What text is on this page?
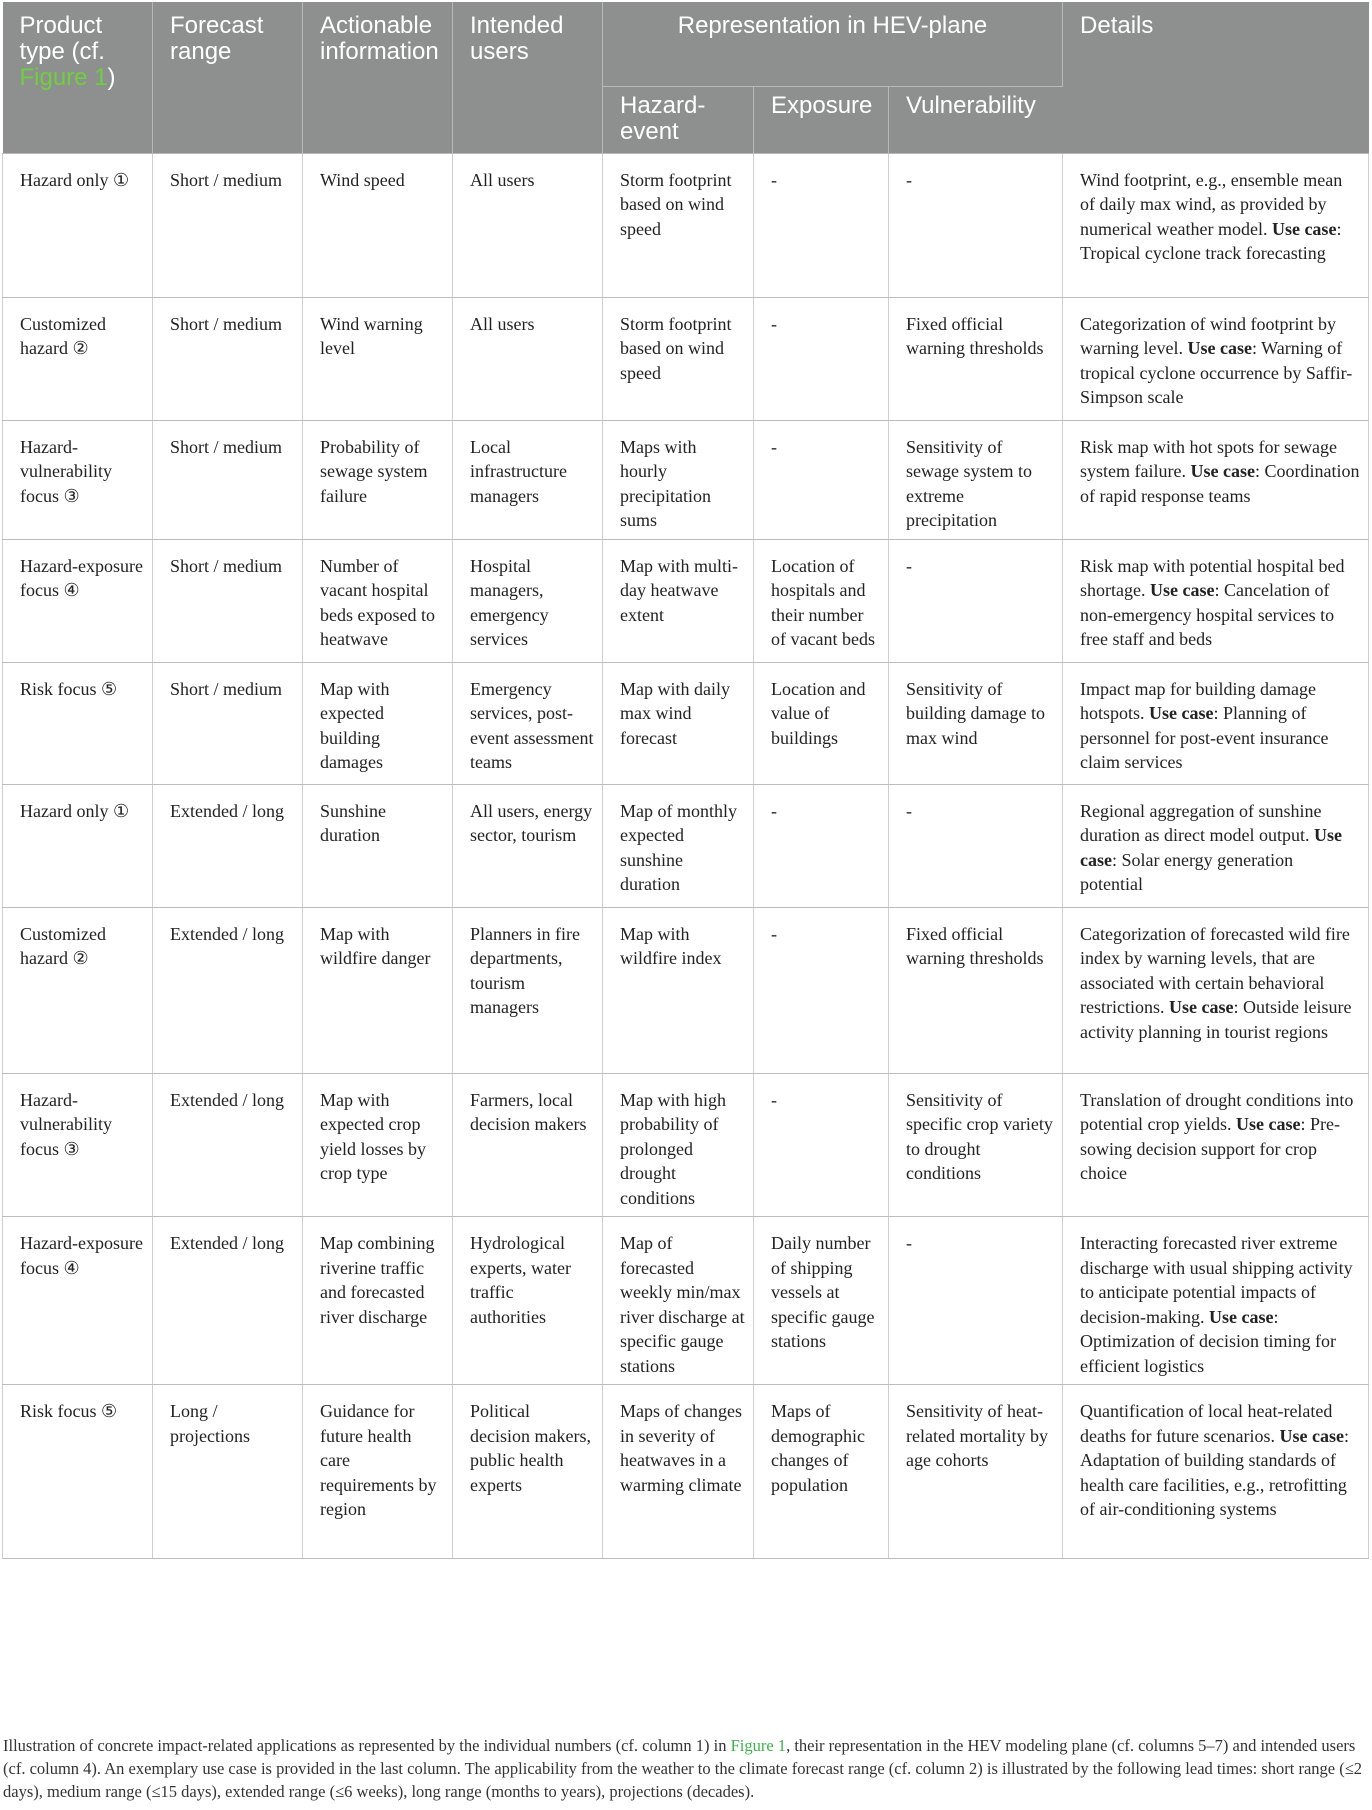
Product type (cf. Figure 1)	Forecast range	Actionable information	Intended users	Representation in HEV-plane			Details
				Hazard-event	Exposure	Vulnerability	
Hazard only ①	Short / medium	Wind speed	All users	Storm footprint based on wind speed	-	-	Wind footprint, e.g., ensemble mean of daily max wind, as provided by numerical weather model. Use case: Tropical cyclone track forecasting
Customized hazard ②	Short / medium	Wind warning level	All users	Storm footprint based on wind speed	-	Fixed official warning thresholds	Categorization of wind footprint by warning level. Use case: Warning of tropical cyclone occurrence by Saffir-Simpson scale
Hazard-vulnerability focus ③	Short / medium	Probability of sewage system failure	Local infrastructure managers	Maps with hourly precipitation sums	-	Sensitivity of sewage system to extreme precipitation	Risk map with hot spots for sewage system failure. Use case: Coordination of rapid response teams
Hazard-exposure focus ④	Short / medium	Number of vacant hospital beds exposed to heatwave	Hospital managers, emergency services	Map with multi-day heatwave extent	Location of hospitals and their number of vacant beds	-	Risk map with potential hospital bed shortage. Use case: Cancelation of non-emergency hospital services to free staff and beds
Risk focus ⑤	Short / medium	Map with expected building damages	Emergency services, post-event assessment teams	Map with daily max wind forecast	Location and value of buildings	Sensitivity of building damage to max wind	Impact map for building damage hotspots. Use case: Planning of personnel for post-event insurance claim services
Hazard only ①	Extended / long	Sunshine duration	All users, energy sector, tourism	Map of monthly expected sunshine duration	-	-	Regional aggregation of sunshine duration as direct model output. Use case: Solar energy generation potential
Customized hazard ②	Extended / long	Map with wildfire danger	Planners in fire departments, tourism managers	Map with wildfire index	-	Fixed official warning thresholds	Categorization of forecasted wild fire index by warning levels, that are associated with certain behavioral restrictions. Use case: Outside leisure activity planning in tourist regions
Hazard-vulnerability focus ③	Extended / long	Map with expected crop yield losses by crop type	Farmers, local decision makers	Map with high probability of prolonged drought conditions	-	Sensitivity of specific crop variety to drought conditions	Translation of drought conditions into potential crop yields. Use case: Pre-sowing decision support for crop choice
Hazard-exposure focus ④	Extended / long	Map combining riverine traffic and forecasted river discharge	Hydrological experts, water traffic authorities	Map of forecasted weekly min/max river discharge at specific gauge stations	Daily number of shipping vessels at specific gauge stations	-	Interacting forecasted river extreme discharge with usual shipping activity to anticipate potential impacts of decision-making. Use case: Optimization of decision timing for efficient logistics
Risk focus ⑤	Long / projections	Guidance for future health care requirements by region	Political decision makers, public health experts	Maps of changes in severity of heatwaves in a warming climate	Maps of demographic changes of population	Sensitivity of heat-related mortality by age cohorts	Quantification of local heat-related deaths for future scenarios. Use case: Adaptation of building standards of health care facilities, e.g., retrofitting of air-conditioning systems
Illustration of concrete impact-related applications as represented by the individual numbers (cf. column 1) in Figure 1, their representation in the HEV modeling plane (cf. columns 5–7) and intended users (cf. column 4). An exemplary use case is provided in the last column. The applicability from the weather to the climate forecast range (cf. column 2) is illustrated by the following lead times: short range (≤2 days), medium range (≤15 days), extended range (≤6 weeks), long range (months to years), projections (decades).
